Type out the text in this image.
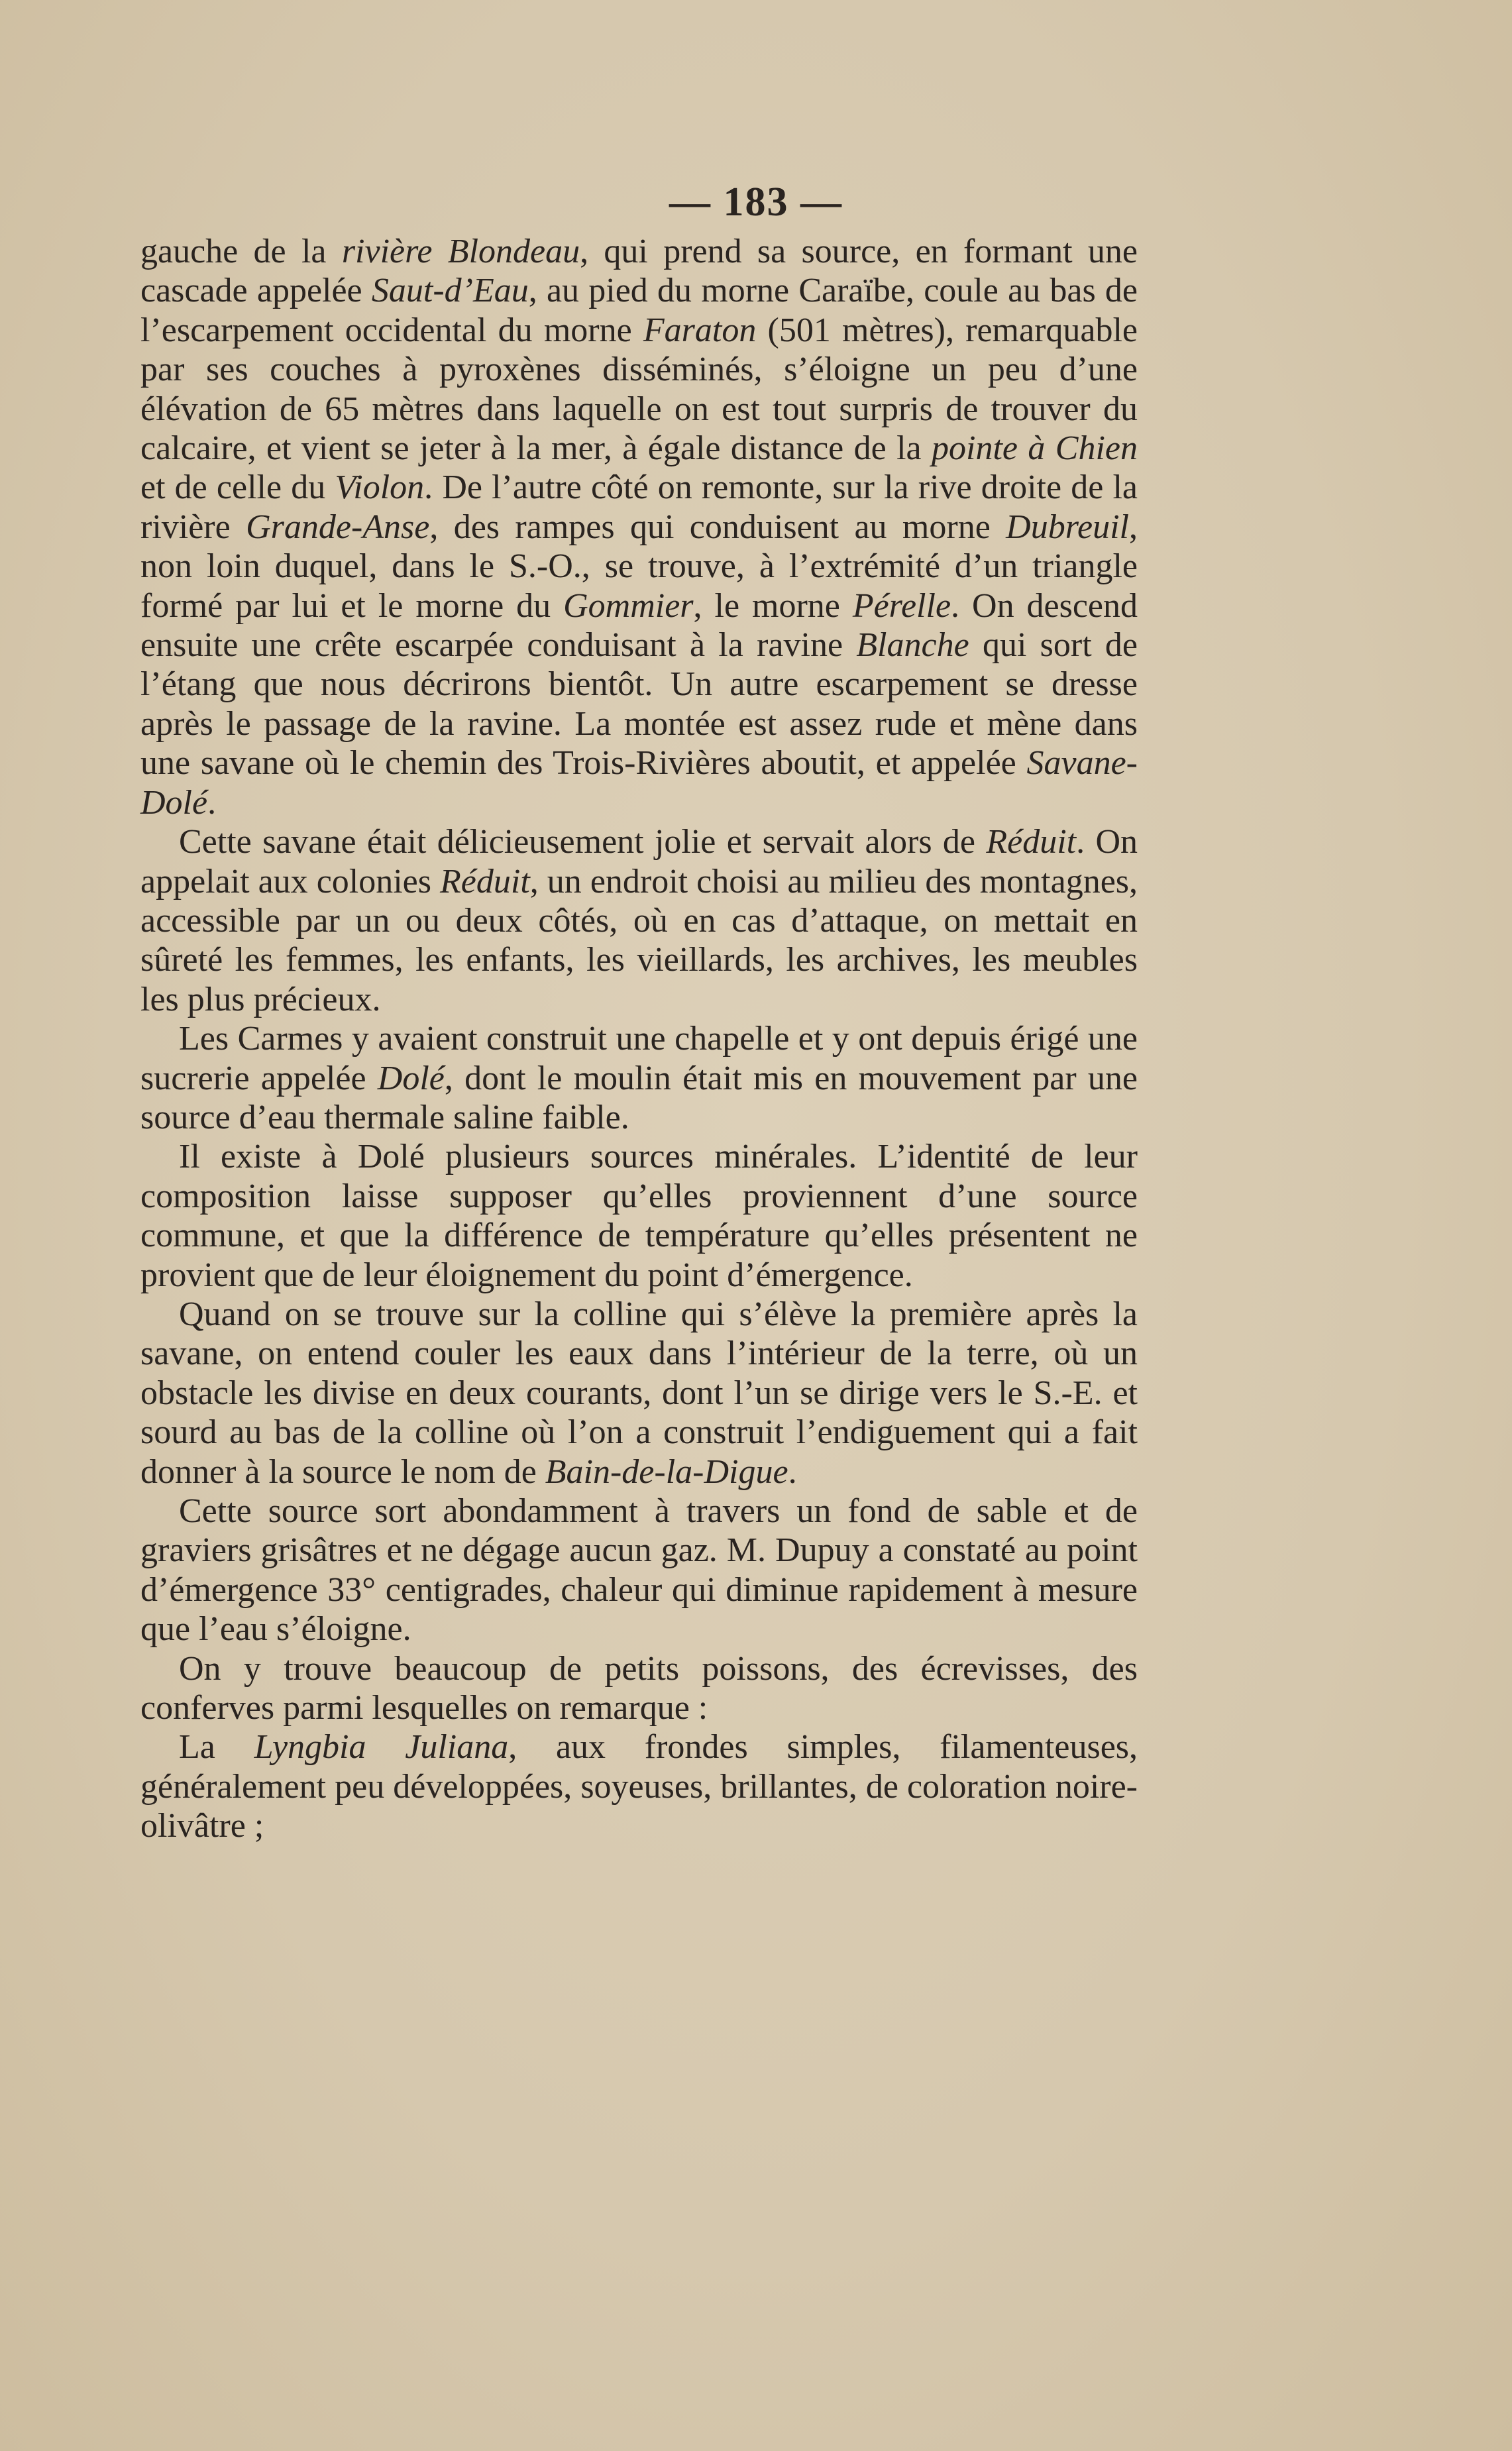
— 183 —

gauche de la rivière Blondeau, qui prend sa source, en formant une cascade appelée Saut-d’Eau, au pied du morne Caraïbe, coule au bas de l’escarpement occidental du morne Faraton (501 mètres), remarquable par ses couches à pyroxènes disséminés, s’éloigne un peu d’une élévation de 65 mètres dans laquelle on est tout surpris de trouver du calcaire, et vient se jeter à la mer, à égale distance de la pointe à Chien et de celle du Violon. De l’autre côté on remonte, sur la rive droite de la rivière Grande-Anse, des rampes qui conduisent au morne Dubreuil, non loin duquel, dans le S.-O., se trouve, à l’extrémité d’un triangle formé par lui et le morne du Gommier, le morne Pérelle. On descend ensuite une crête escarpée conduisant à la ravine Blanche qui sort de l’étang que nous décrirons bientôt. Un autre escarpement se dresse après le passage de la ravine. La montée est assez rude et mène dans une savane où le chemin des Trois-Rivières aboutit, et appelée Savane-Dolé.

Cette savane était délicieusement jolie et servait alors de Réduit. On appelait aux colonies Réduit, un endroit choisi au milieu des montagnes, accessible par un ou deux côtés, où en cas d’attaque, on mettait en sûreté les femmes, les enfants, les vieillards, les archives, les meubles les plus précieux.

Les Carmes y avaient construit une chapelle et y ont depuis érigé une sucrerie appelée Dolé, dont le moulin était mis en mouvement par une source d’eau thermale saline faible.

Il existe à Dolé plusieurs sources minérales. L’identité de leur composition laisse supposer qu’elles proviennent d’une source commune, et que la différence de température qu’elles présentent ne provient que de leur éloignement du point d’émergence.

Quand on se trouve sur la colline qui s’élève la première après la savane, on entend couler les eaux dans l’intérieur de la terre, où un obstacle les divise en deux courants, dont l’un se dirige vers le S.-E. et sourd au bas de la colline où l’on a construit l’endiguement qui a fait donner à la source le nom de Bain-de-la-Digue.

Cette source sort abondamment à travers un fond de sable et de graviers grisâtres et ne dégage aucun gaz. M. Dupuy a constaté au point d’émergence 33° centigrades, chaleur qui diminue rapidement à mesure que l’eau s’éloigne.

On y trouve beaucoup de petits poissons, des écrevisses, des conferves parmi lesquelles on remarque :

La Lyngbia Juliana, aux frondes simples, filamenteuses, généralement peu développées, soyeuses, brillantes, de coloration noire-olivâtre ;
